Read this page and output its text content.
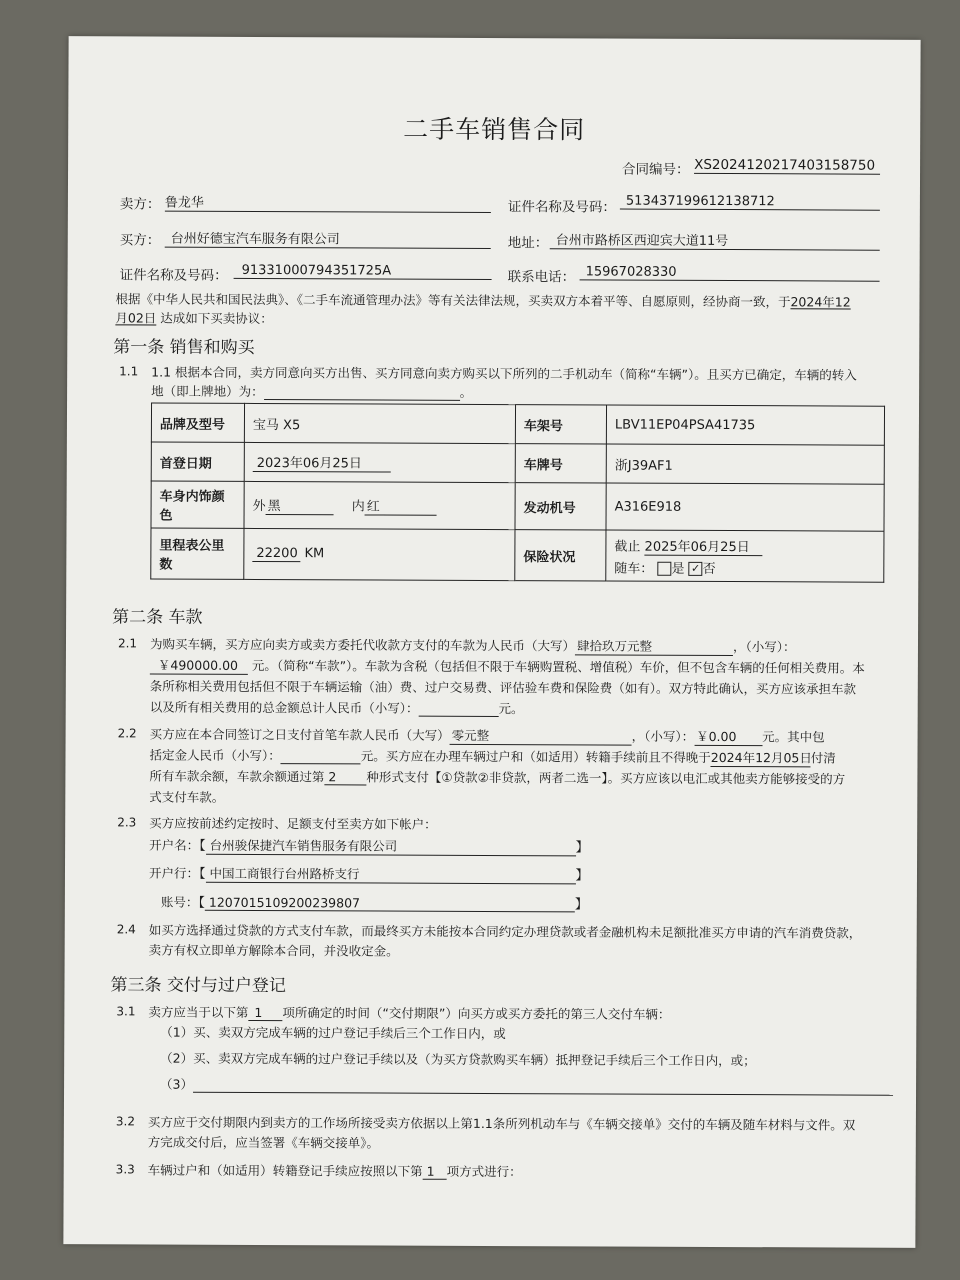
二手车销售合同
合同编号： XS2024120217403158750
卖方： 鲁龙华	证件名称及号码： 513437199612138712
买方： 台州好德宝汽车服务有限公司	地址： 台州市路桥区西迎宾大道11号
证件名称及号码：	91331000794351725A	联系电话： 15967028330
根据《中华人民共和国民法典》、《二手车流通管理办法》等有关法律法规，买卖双方本着平等、自愿原则，经协商一致，于2024年12
月02日 达成如下买卖协议：
第一条 销售和购买
1.1 1.1 根据本合同，卖方同意向买方出售、买方同意向卖方购买以下所列的二手机动车（简称“车辆”）。且买方已确定，车辆的转入
地（即上牌地）为：	。
品牌及型号	宝马 X5	车架号	LBV11EP04PSA41735
首登日期	2023年06月25日	车牌号	浙J39AF1
车身内饰颜色	外 黑 内 红	发动机号	A316E918
里程表公里数	22200 KM	保险状况	截止 2025年06月25日
随车： 是 ✓ 否
第二条 车款
2.1 为购买车辆，买方应向卖方或卖方委托代收款方支付的车款为人民币（大写） 肆拾玖万元整	，（小写）：
￥490000.00 元。（简称“车款”）。车款为含税（包括但不限于车辆购置税、增值税）车价，但不包含车辆的任何相关费用。本
条所称相关费用包括但不限于车辆运输（油）费、过户交易费、评估验车费和保险费（如有）。双方特此确认，买方应该承担车款
以及所有相关费用的总金额总计人民币（小写）：	元。
2.2 买方应在本合同签订之日支付首笔车款人民币（大写） 零元整	，（小写）： ￥0.00 元。其中包
括定金人民币（小写）：	元。买方应在办理车辆过户和（如适用）转籍手续前且不得晚于2024年12月05日付清
所有车款余额，车款余额通过第 2 种形式支付【①贷款②非贷款，两者二选一】。买方应该以电汇或其他卖方能够接受的方
式支付车款。
2.3 买方应按前述约定按时、足额支付至卖方如下帐户：
开户名：【 台州骏保捷汽车销售服务有限公司	】
开户行：【 中国工商银行台州路桥支行	】
账号：【 1207015109200239807	】
2.4 如买方选择通过贷款的方式支付车款，而最终买方未能按本合同约定办理贷款或者金融机构未足额批准买方申请的汽车消费贷款，
卖方有权立即单方解除本合同，并没收定金。
第三条 交付与过户登记
3.1 卖方应当于以下第 1 项所确定的时间（“交付期限”）向买方或买方委托的第三人交付车辆：
（1）买、卖双方完成车辆的过户登记手续后三个工作日内，或
（2）买、卖双方完成车辆的过户登记手续以及（为买方贷款购买车辆）抵押登记手续后三个工作日内，或；
（3）
3.2 买方应于交付期限内到卖方的工作场所接受卖方依据以上第1.1条所列机动车与《车辆交接单》交付的车辆及随车材料与文件。双
方完成交付后，应当签署《车辆交接单》。
3.3 车辆过户和（如适用）转籍登记手续应按照以下第 1 项方式进行：
